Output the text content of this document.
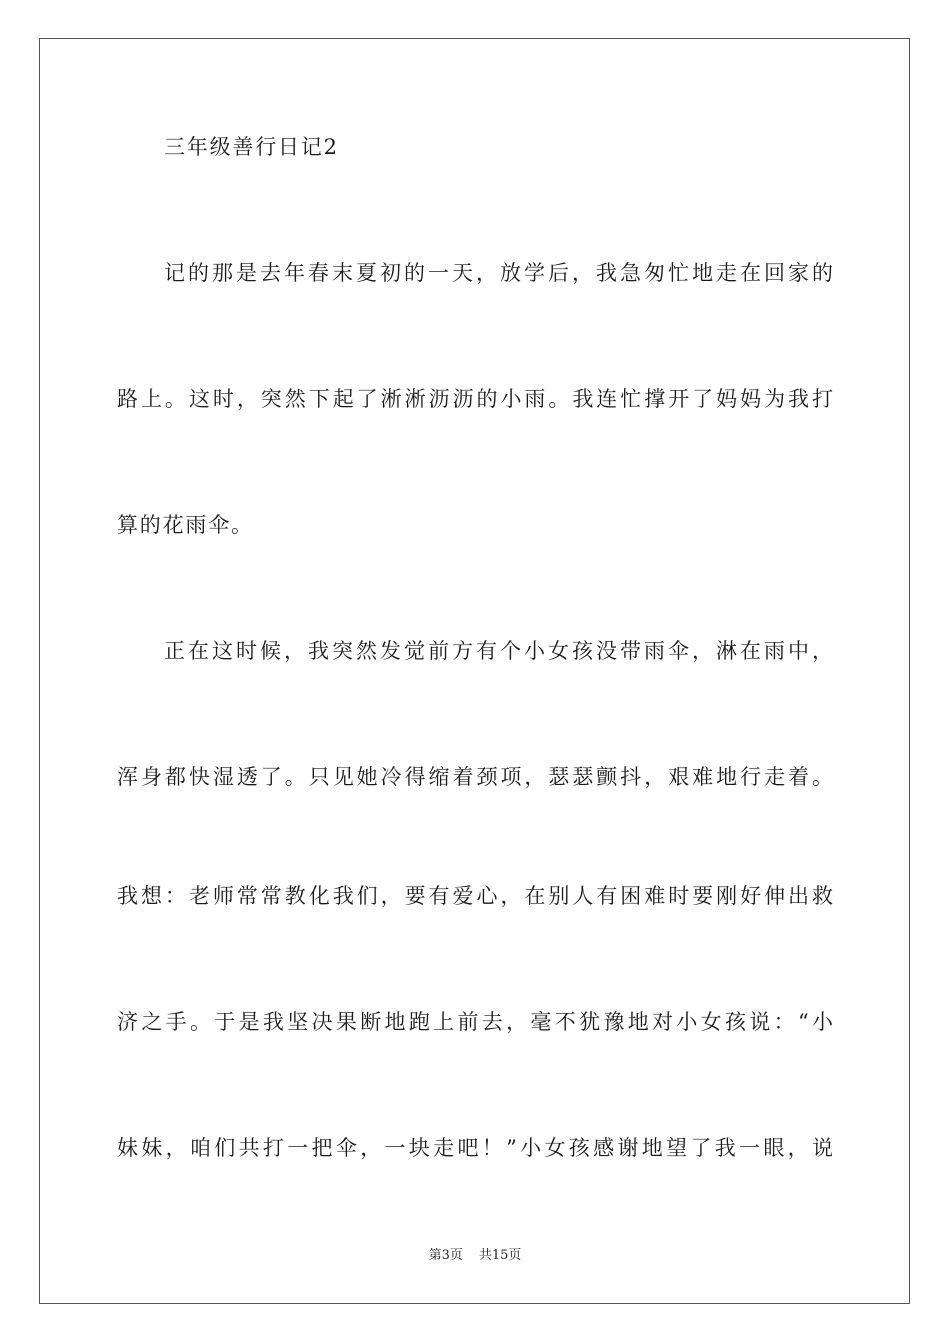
三年级善行日记2
记的那是去年春末夏初的一天，放学后，我急匆忙地走在回家的
路上。这时，突然下起了淅淅沥沥的小雨。我连忙撑开了妈妈为我打
算的花雨伞。
正在这时候，我突然发觉前方有个小女孩没带雨伞，淋在雨中，
浑身都快湿透了。只见她冷得缩着颈项，瑟瑟颤抖，艰难地行走着。
我想：老师常常教化我们，要有爱心，在别人有困难时要刚好伸出救
济之手。于是我坚决果断地跑上前去，毫不犹豫地对小女孩说：“小
妹妹，咱们共打一把伞，一块走吧！”小女孩感谢地望了我一眼，说
第3页 共15页
